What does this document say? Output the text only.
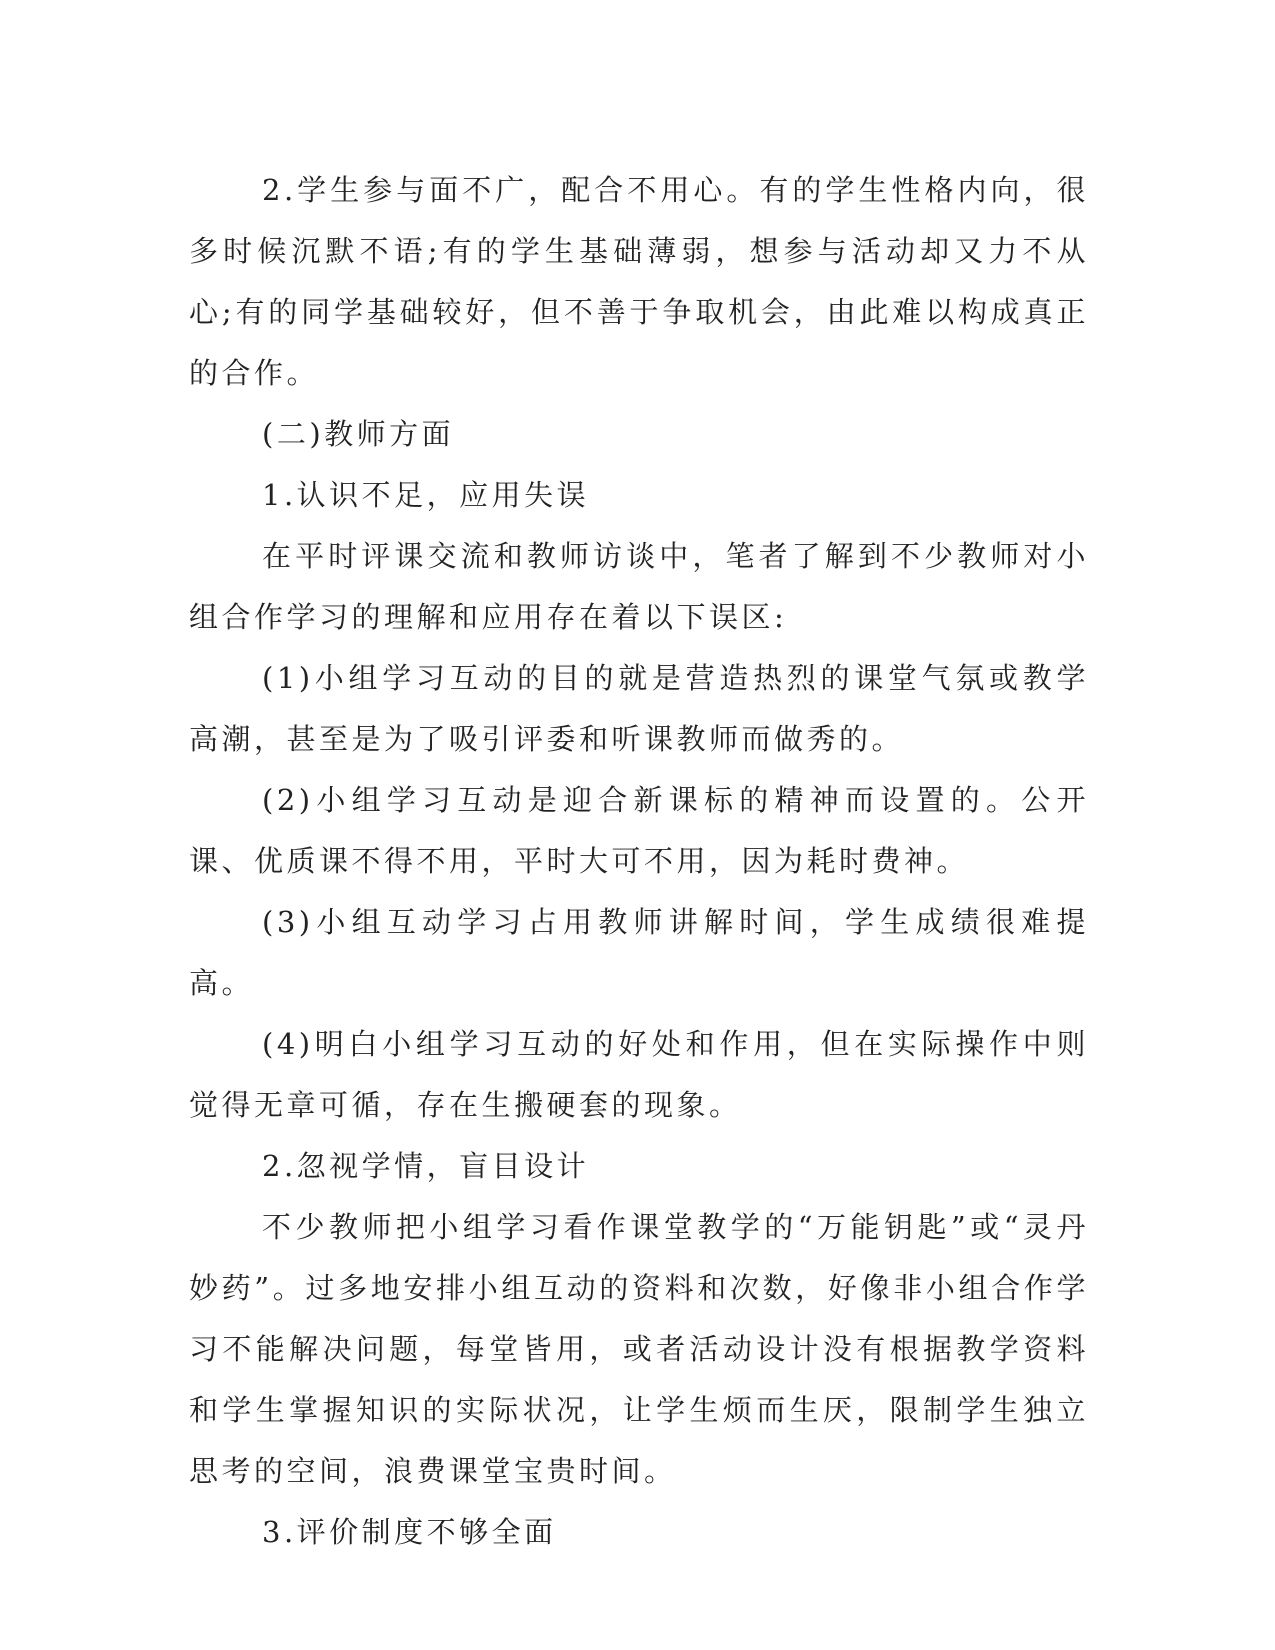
2.学生参与面不广，配合不用心。有的学生性格内向，很多时候沉默不语;有的学生基础薄弱，想参与活动却又力不从心;有的同学基础较好，但不善于争取机会，由此难以构成真正的合作。

(二)教师方面

1.认识不足，应用失误

在平时评课交流和教师访谈中，笔者了解到不少教师对小组合作学习的理解和应用存在着以下误区:

(1)小组学习互动的目的就是营造热烈的课堂气氛或教学高潮，甚至是为了吸引评委和听课教师而做秀的。

(2)小组学习互动是迎合新课标的精神而设置的。公开课、优质课不得不用，平时大可不用，因为耗时费神。

(3)小组互动学习占用教师讲解时间，学生成绩很难提高。

(4)明白小组学习互动的好处和作用，但在实际操作中则觉得无章可循，存在生搬硬套的现象。

2.忽视学情，盲目设计

不少教师把小组学习看作课堂教学的“万能钥匙”或“灵丹妙药”。过多地安排小组互动的资料和次数，好像非小组合作学习不能解决问题，每堂皆用，或者活动设计没有根据教学资料和学生掌握知识的实际状况，让学生烦而生厌，限制学生独立思考的空间，浪费课堂宝贵时间。

3.评价制度不够全面
